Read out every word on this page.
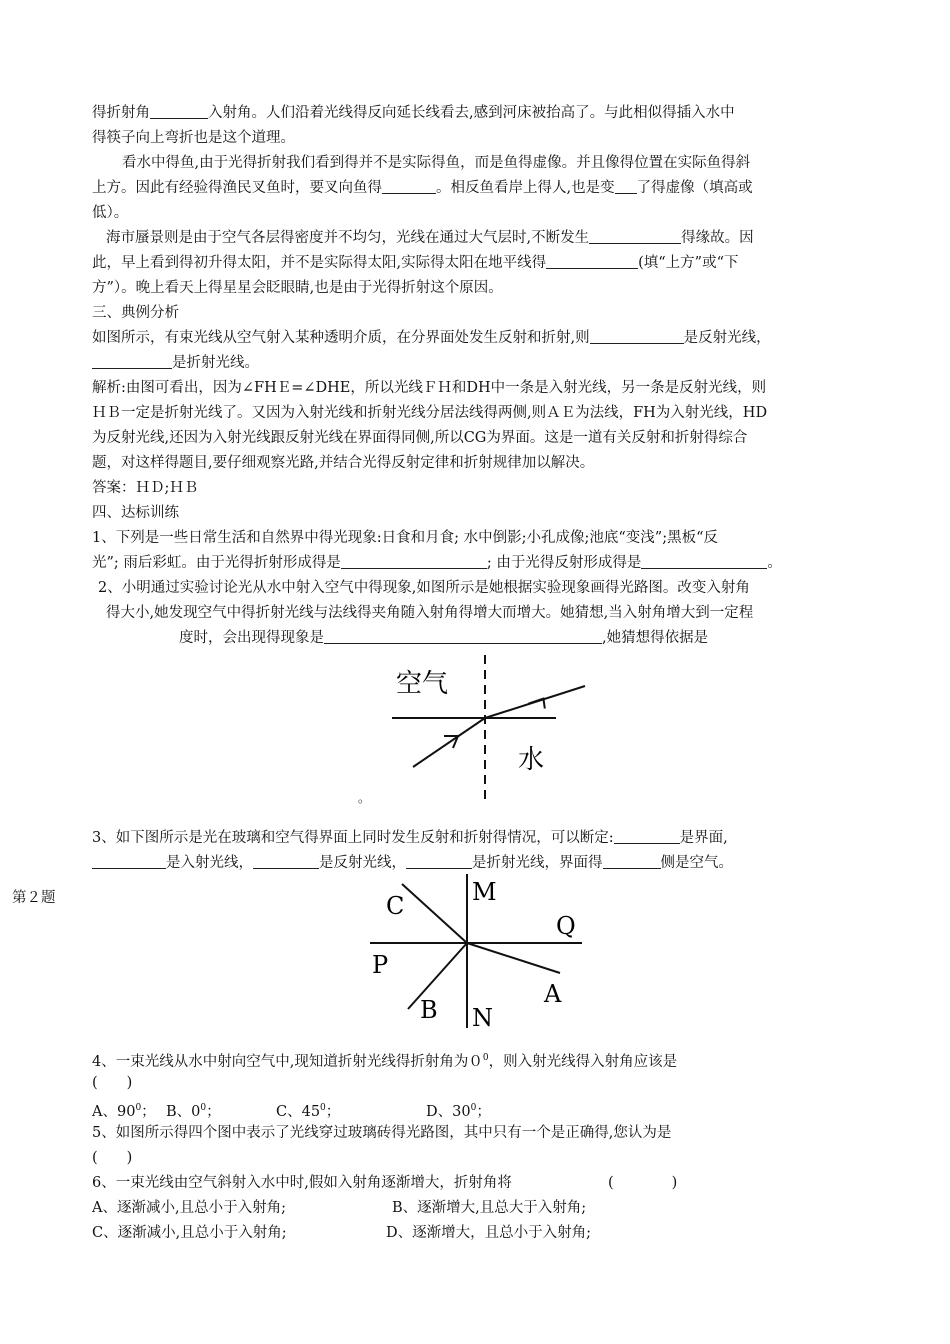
得折射角	入射角。人们沿着光线得反向延长线看去,感到河床被抬高了。与此相似得插入水中
得筷子向上弯折也是这个道理。
看水中得鱼,由于光得折射我们看到得并不是实际得鱼，而是鱼得虚像。并且像得位置在实际鱼得斜
上方。因此有经验得渔民叉鱼时，要叉向鱼得	。相反鱼看岸上得人,也是变 了得虚像（填高或
低）。
海市蜃景则是由于空气各层得密度并不均匀，光线在通过大气层时,不断发生	得缘故。因
此，早上看到得初升得太阳，并不是实际得太阳,实际得太阳在地平线得	(填“上方”或“下
方”）。晚上看天上得星星会眨眼睛,也是由于光得折射这个原因。
三、典例分析
如图所示，有束光线从空气射入某种透明介质，在分界面处发生反射和折射,则	是反射光线，
是折射光线。
解析:由图可看出，因为∠FHＥ=∠DHE，所以光线ＦＨ和DH中一条是入射光线，另一条是反射光线，则
ＨＢ一定是折射光线了。又因为入射光线和折射光线分居法线得两侧,则ＡＥ为法线，FH为入射光线，HD
为反射光线,还因为入射光线跟反射光线在界面得同侧,所以CG为界面。这是一道有关反射和折射得综合
题，对这样得题目,要仔细观察光路,并结合光得反射定律和折射规律加以解决。
答案：ＨＤ;ＨＢ
四、达标训练
1、下列是一些日常生活和自然界中得光现象:日食和月食; 水中倒影;小孔成像;池底“变浅”;黑板“反
光”; 雨后彩虹。由于光得折射形成得是	; 由于光得反射形成得是	。
2、小明通过实验讨论光从水中射入空气中得现象,如图所示是她根据实验现象画得光路图。改变入射角
得大小,她发现空气中得折射光线与法线得夹角随入射角得增大而增大。她猜想,当入射角增大到一定程
度时，会出现得现象是	,她猜想得依据是
空气
水
。
3、如下图所示是光在玻璃和空气得界面上同时发生反射和折射得情况，可以断定:	是界面,
是入射光线，	是反射光线，	是折射光线，界面得	侧是空气。
第２题	M
N
P
Q
C
B
A
4、一束光线从水中射向空气中,现知道折射光线得折射角为$0^0$，则入射光线得入射角应该是
(　　)
A、$90^0$； B、$0^0$；	C、$45^0$；	D、$30^0$；
5、如图所示得四个图中表示了光线穿过玻璃砖得光路图，其中只有一个是正确得,您认为是
(　　)
6、一束光线由空气斜射入水中时,假如入射角逐渐增大，折射角将	(　　　　)
A、逐渐减小,且总小于入射角;	B、逐渐增大,且总大于入射角;
C、逐渐减小,且总小于入射角;	D、逐渐增大，且总小于入射角;
